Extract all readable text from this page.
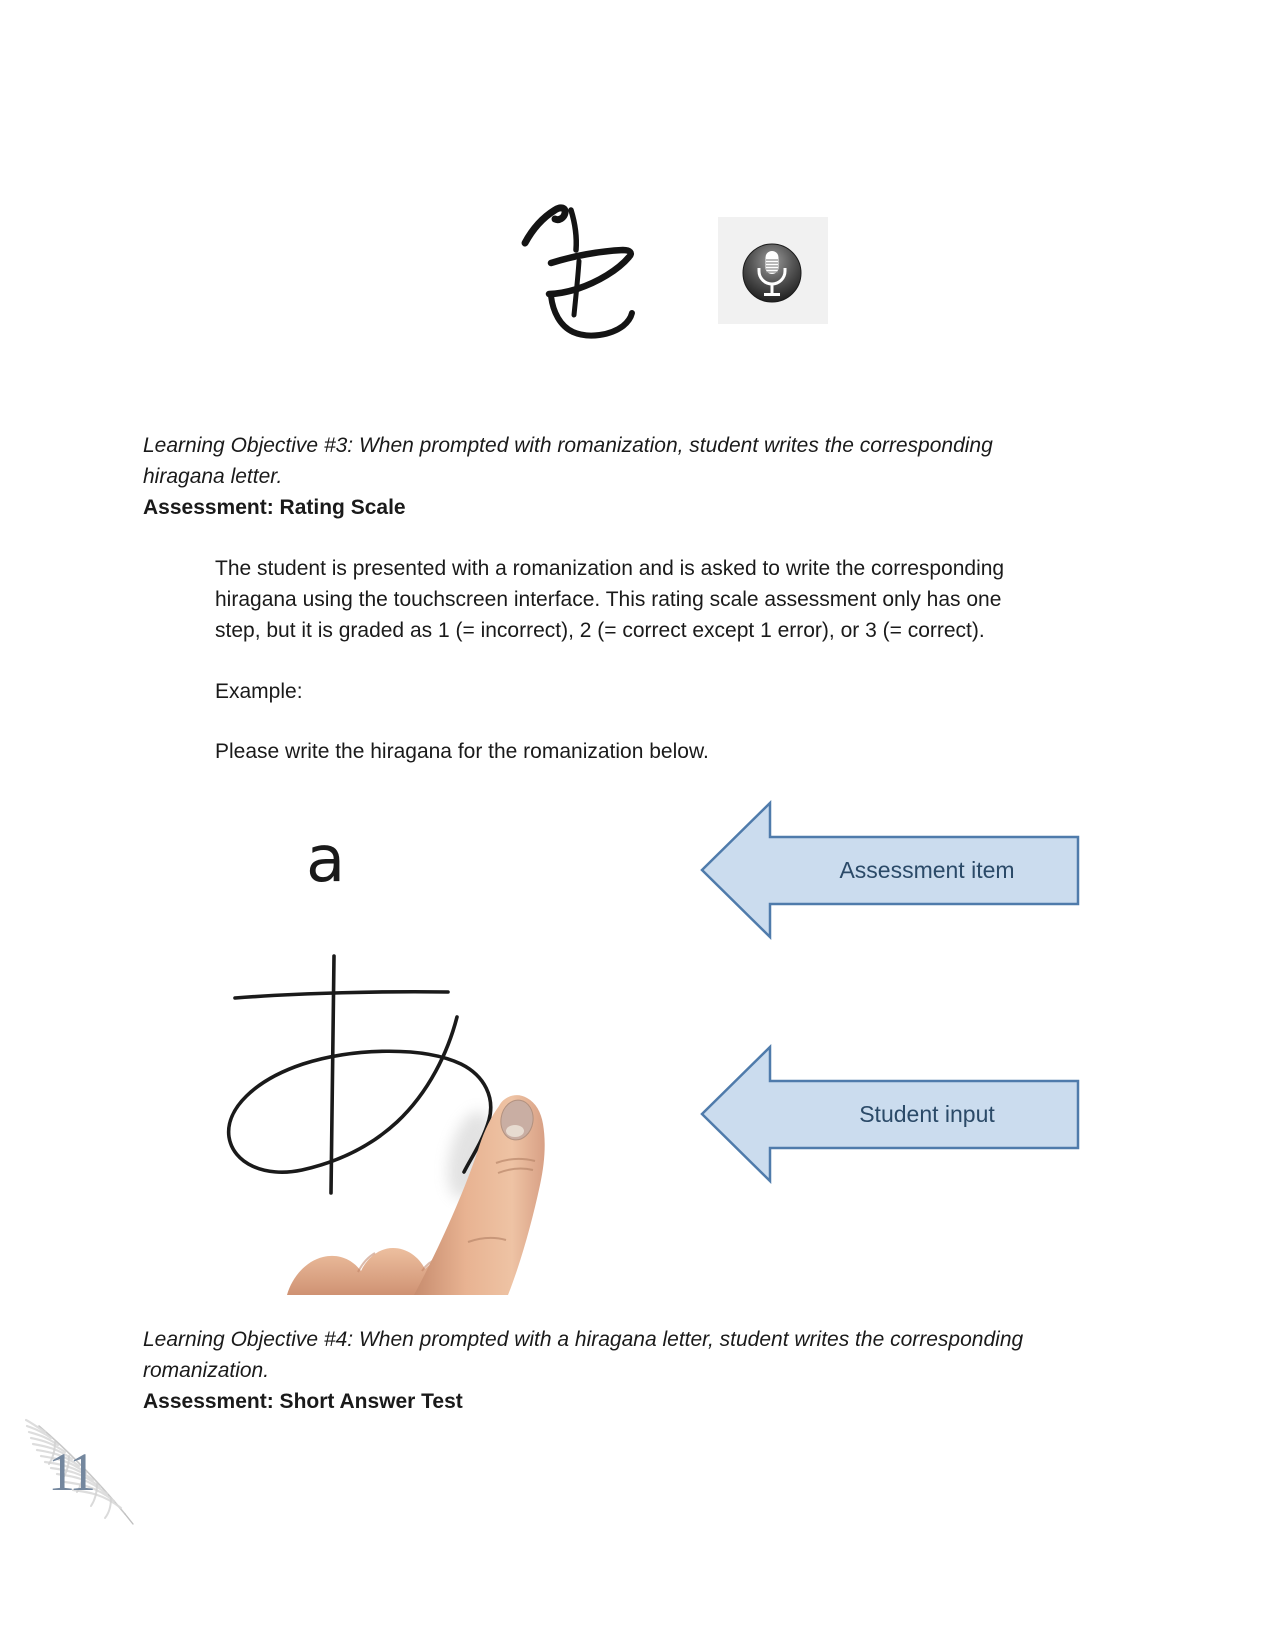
Learning Objective #3: When prompted with romanization, student writes the corresponding
hiragana letter.
Assessment: Rating Scale
The student is presented with a romanization and is asked to write the corresponding
hiragana using the touchscreen interface. This rating scale assessment only has one
step, but it is graded as 1 (= incorrect), 2 (= correct except 1 error), or 3 (= correct).
Example:
Please write the hiragana for the romanization below.
a	Assessment item
Student input
Learning Objective #4: When prompted with a hiragana letter, student writes the corresponding
romanization.
Assessment: Short Answer Test
11
